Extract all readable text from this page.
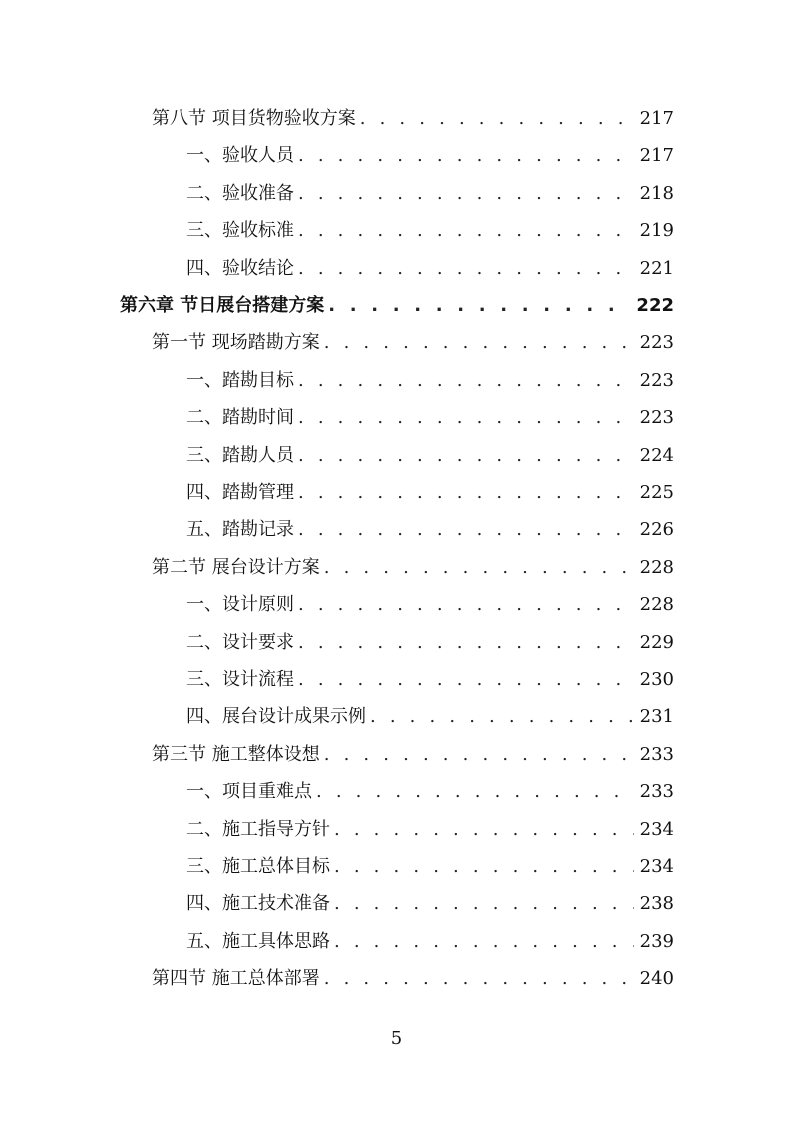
第八节 项目货物验收方案 . . .	217
一、验收人员 . . .	217
二、验收准备 . . .	218
三、验收标准 . . .	219
四、验收结论 . . .	221
第六章 节日展台搭建方案 . . .	222
第一节 现场踏勘方案 . . .	223
一、踏勘目标 . . .	223
二、踏勘时间 . . .	223
三、踏勘人员 . . .	224
四、踏勘管理 . . .	225
五、踏勘记录 . . .	226
第二节 展台设计方案 . . .	228
一、设计原则 . . .	228
二、设计要求 . . .	229
三、设计流程 . . .	230
四、展台设计成果示例 . . .	231
第三节 施工整体设想 . . .	233
一、项目重难点 . . .	233
二、施工指导方针 . . .	234
三、施工总体目标 . . .	234
四、施工技术准备 . . .	238
五、施工具体思路 . . .	239
第四节 施工总体部署 . . .	240
5
